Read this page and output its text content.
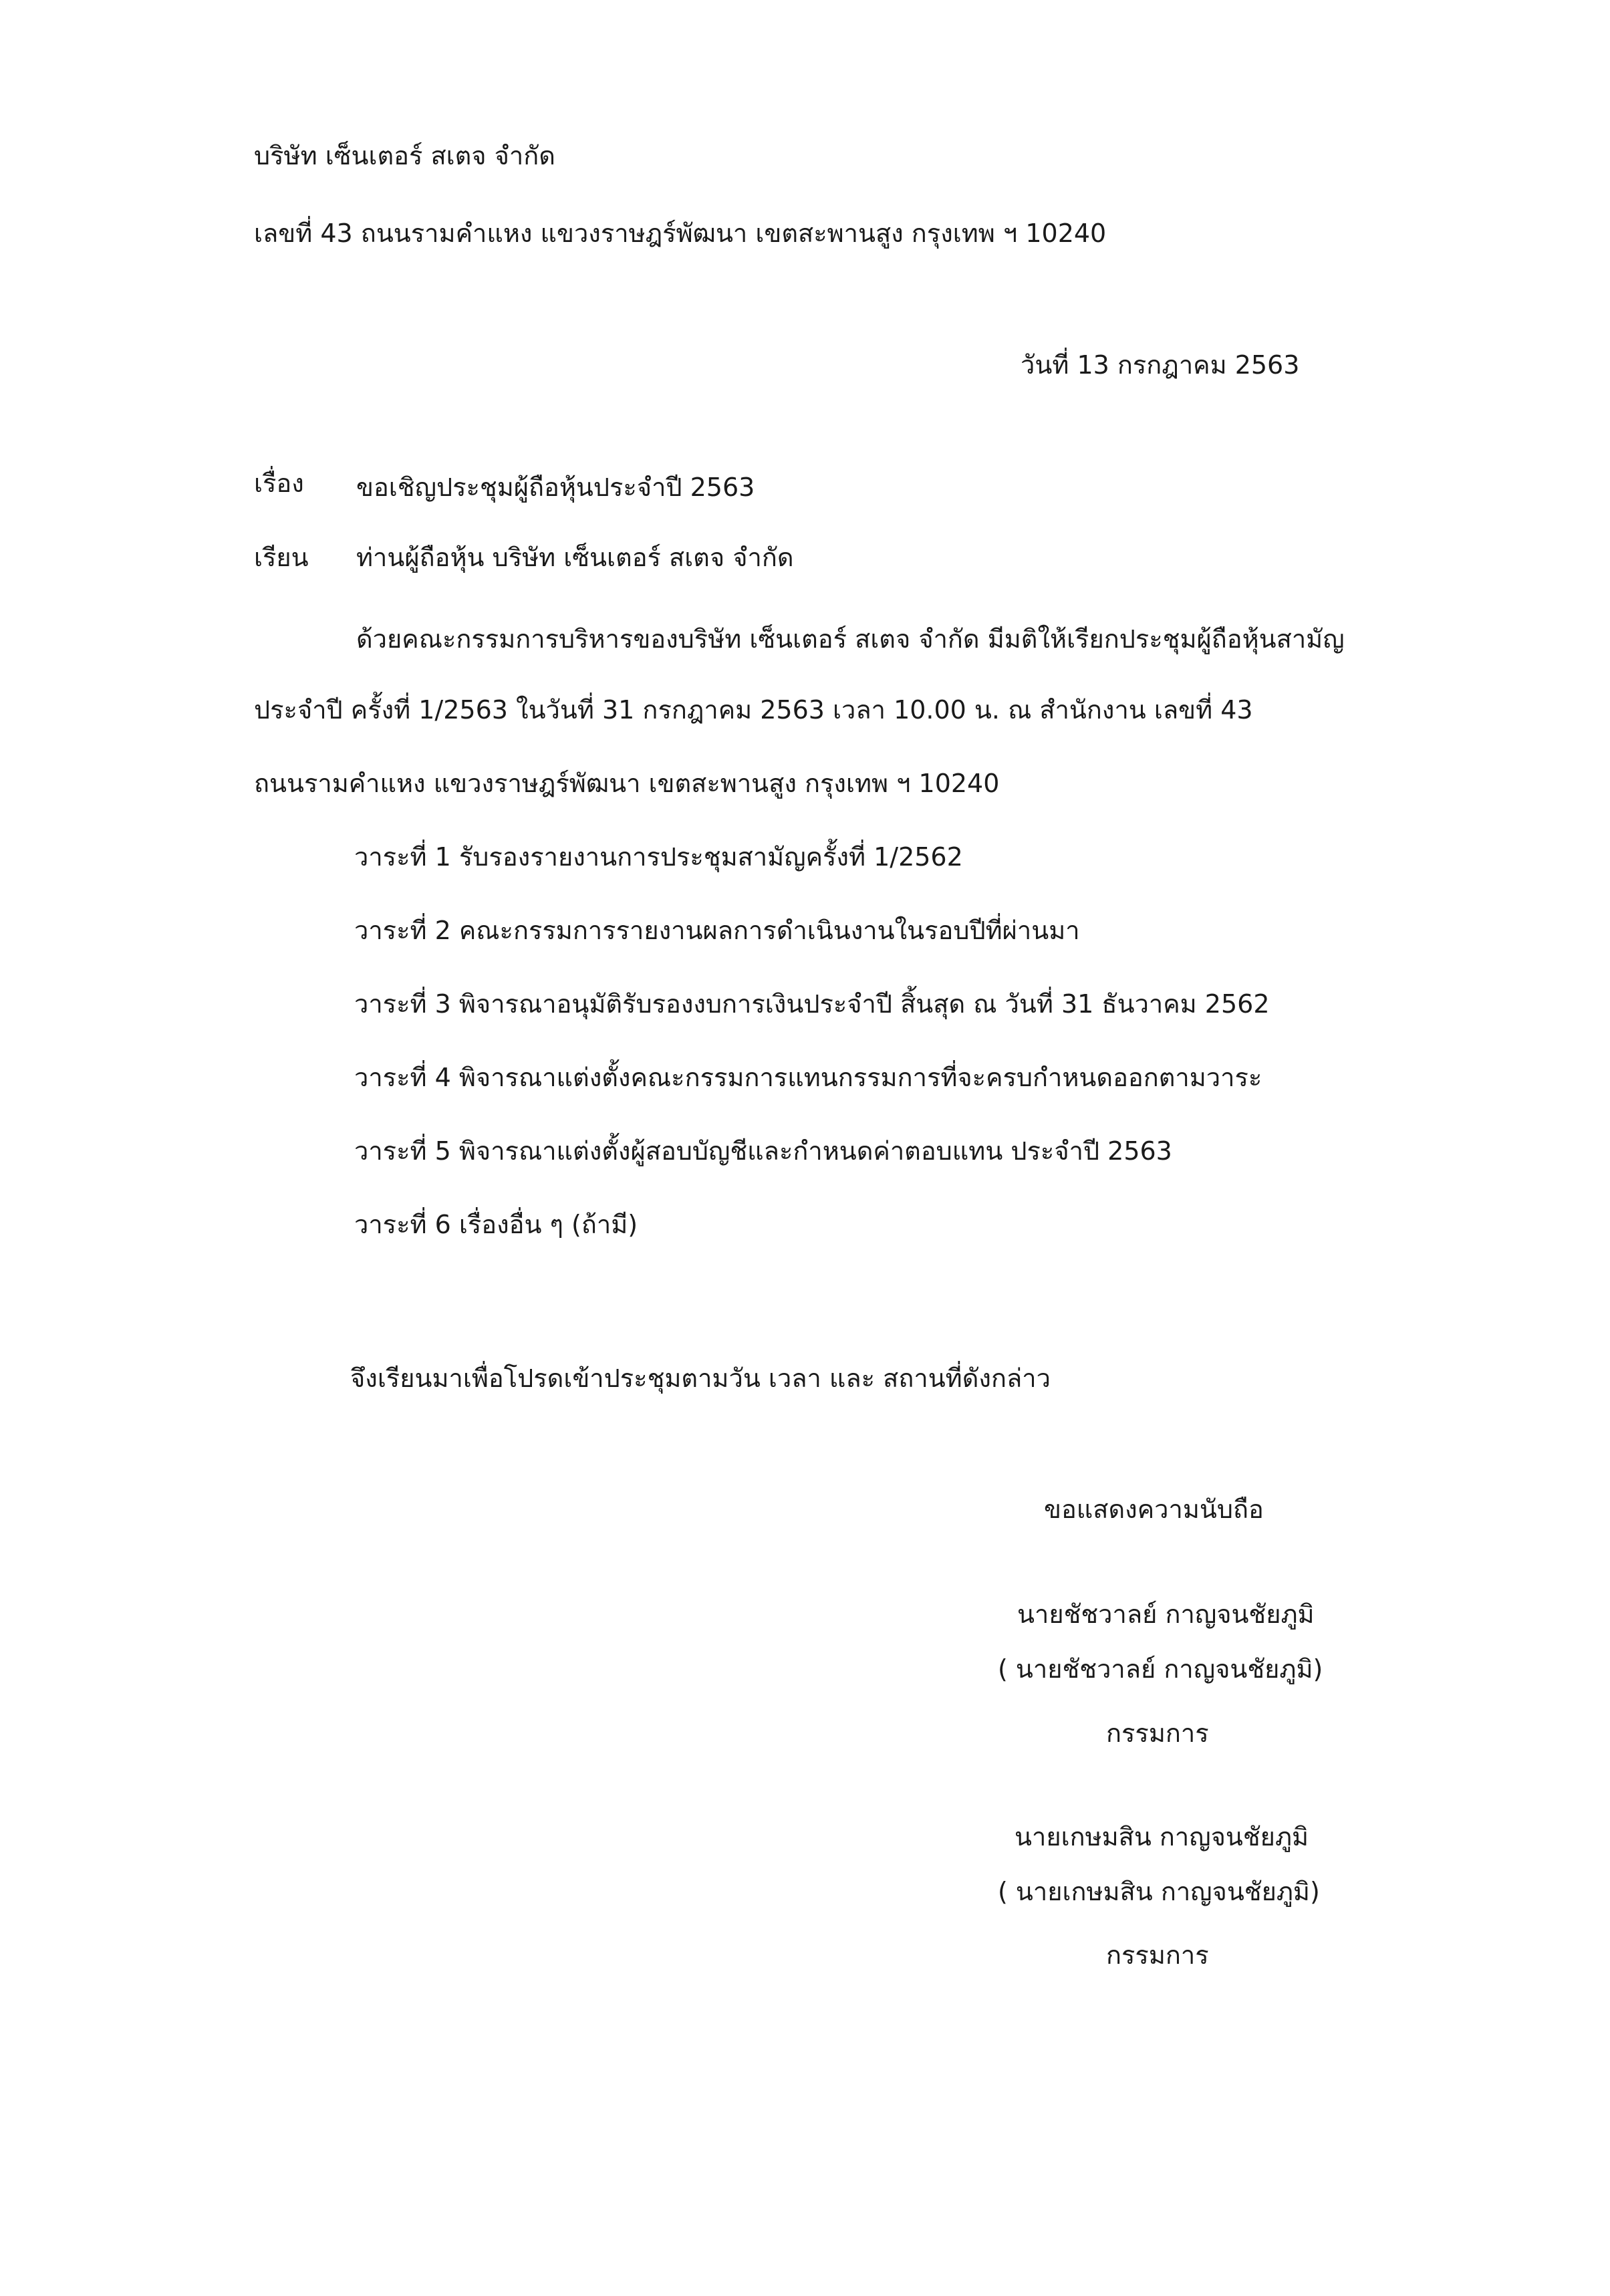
บริษัท เซ็นเตอร์ สเตจ จำกัด
เลขที่ 43 ถนนรามคำแหง แขวงราษฎร์พัฒนา เขตสะพานสูง กรุงเทพ ฯ 10240
วันที่ 13 กรกฎาคม 2563
เรื่อง ขอเชิญประชุมผู้ถือหุ้นประจำปี 2563
เรียน ท่านผู้ถือหุ้น บริษัท เซ็นเตอร์ สเตจ จำกัด
ด้วยคณะกรรมการบริหารของบริษัท เซ็นเตอร์ สเตจ จำกัด มีมติให้เรียกประชุมผู้ถือหุ้นสามัญ
ประจำปี ครั้งที่ 1/2563 ในวันที่ 31 กรกฎาคม 2563 เวลา 10.00 น. ณ สำนักงาน เลขที่ 43
ถนนรามคำแหง แขวงราษฎร์พัฒนา เขตสะพานสูง กรุงเทพ ฯ 10240
วาระที่ 1 รับรองรายงานการประชุมสามัญครั้งที่ 1/2562
วาระที่ 2 คณะกรรมการรายงานผลการดำเนินงานในรอบปีที่ผ่านมา
วาระที่ 3 พิจารณาอนุมัติรับรองงบการเงินประจำปี สิ้นสุด ณ วันที่ 31 ธันวาคม 2562
วาระที่ 4 พิจารณาแต่งตั้งคณะกรรมการแทนกรรมการที่จะครบกำหนดออกตามวาระ
วาระที่ 5 พิจารณาแต่งตั้งผู้สอบบัญชีและกำหนดค่าตอบแทน ประจำปี 2563
วาระที่ 6 เรื่องอื่น ๆ (ถ้ามี)
จึงเรียนมาเพื่อโปรดเข้าประชุมตามวัน เวลา และ สถานที่ดังกล่าว
ขอแสดงความนับถือ
นายชัชวาลย์ กาญจนชัยภูมิ
( นายชัชวาลย์ กาญจนชัยภูมิ)
กรรมการ
นายเกษมสิน กาญจนชัยภูมิ
( นายเกษมสิน กาญจนชัยภูมิ)
กรรมการ
